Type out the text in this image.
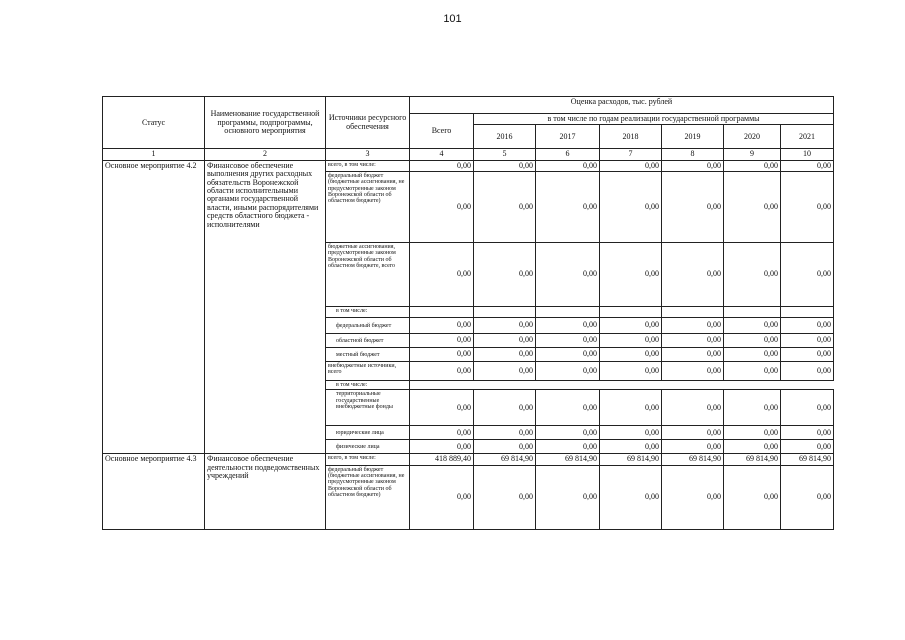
101
Статус	Наименование государственной программы, подпрограммы, основного мероприятия	Источники ресурсного обеспечения	Оценка расходов, тыс. рублей						
			Всего	в том числе по годам реализации государственной программы					
				2016	2017	2018	2019	2020	2021
1	2	3	4	5	6	7	8	9	10
Основное мероприятие 4.2	Финансовое обеспечение выполнения других расходных обязательств Воронежской области исполнительными органами государственной власти, иными распорядителями средств областного бюджета - исполнителями	всего, в том числе:	0,00	0,00	0,00	0,00	0,00	0,00	0,00
		федеральный бюджет (бюджетные ассигнования, не предусмотренные законом Воронежской области об областном бюджете)	0,00	0,00	0,00	0,00	0,00	0,00	0,00
		бюджетные ассигнования, предусмотренные законом Воронежской области об областном бюджете, всего	0,00	0,00	0,00	0,00	0,00	0,00	0,00
		в том числе:							
		федеральный бюджет	0,00	0,00	0,00	0,00	0,00	0,00	0,00
		областной бюджет	0,00	0,00	0,00	0,00	0,00	0,00	0,00
		местный бюджет	0,00	0,00	0,00	0,00	0,00	0,00	0,00
		внебюджетные источники, всего	0,00	0,00	0,00	0,00	0,00	0,00	0,00
		в том числе:						
		территориальные государственные внебюджетные фонды	0,00	0,00	0,00	0,00	0,00	0,00	0,00
		юридические лица	0,00	0,00	0,00	0,00	0,00	0,00	0,00
		физические лица	0,00	0,00	0,00	0,00	0,00	0,00	0,00
Основное мероприятие 4.3	Финансовое обеспечение деятельности подведомственных учреждений	всего, в том числе:	418 889,40	69 814,90	69 814,90	69 814,90	69 814,90	69 814,90	69 814,90
		федеральный бюджет (бюджетные ассигнования, не предусмотренные законом Воронежской области об областном бюджете)	0,00	0,00	0,00	0,00	0,00	0,00	0,00
